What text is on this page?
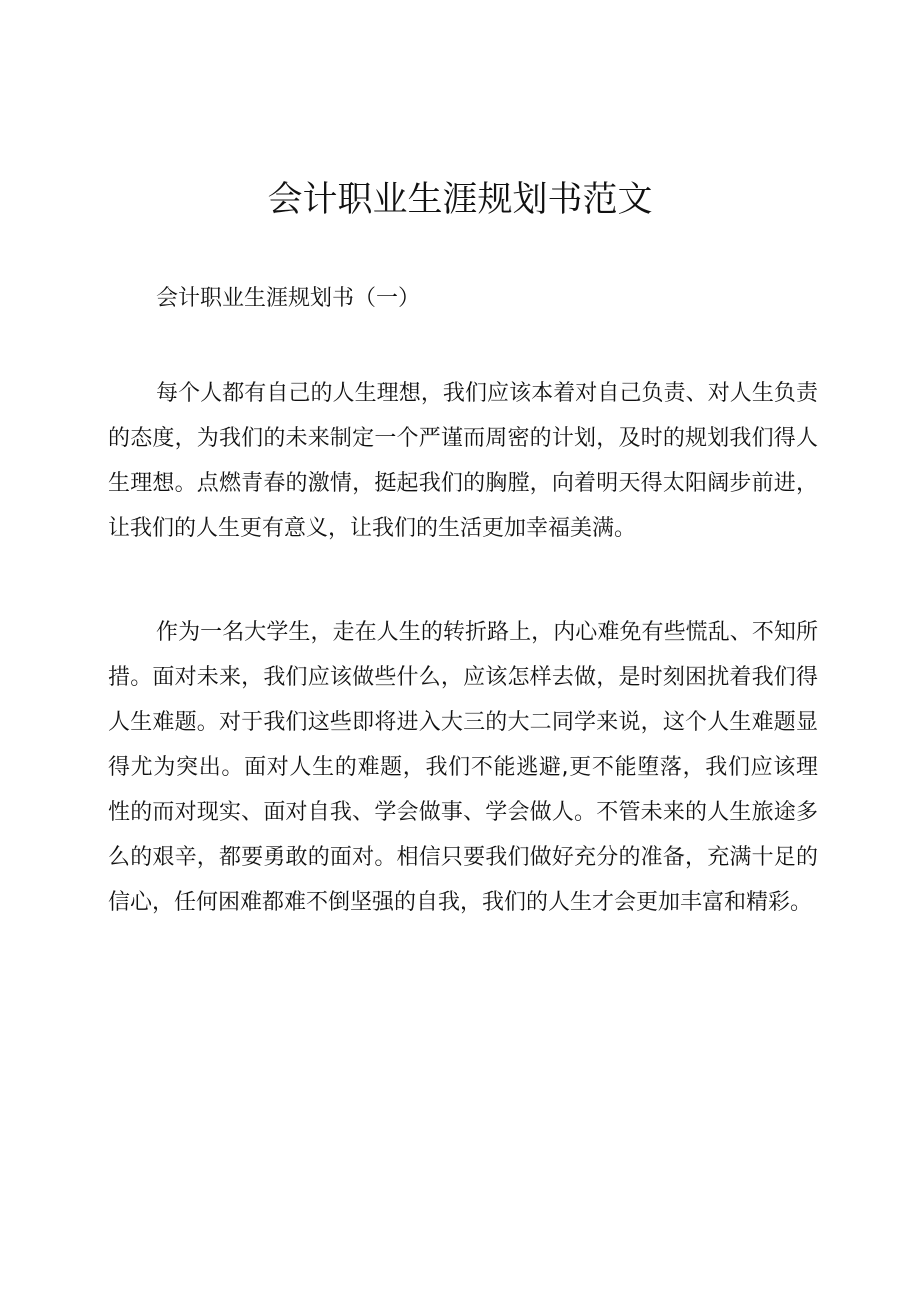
会计职业生涯规划书范文

会计职业生涯规划书（一）

每个人都有自己的人生理想，我们应该本着对自己负责、对人生负责的态度，为我们的未来制定一个严谨而周密的计划，及时的规划我们得人生理想。点燃青春的激情，挺起我们的胸膛，向着明天得太阳阔步前进，让我们的人生更有意义，让我们的生活更加幸福美满。

作为一名大学生，走在人生的转折路上，内心难免有些慌乱、不知所措。面对未来，我们应该做些什么，应该怎样去做，是时刻困扰着我们得人生难题。对于我们这些即将进入大三的大二同学来说，这个人生难题显得尤为突出。面对人生的难题，我们不能逃避,更不能堕落，我们应该理性的而对现实、面对自我、学会做事、学会做人。不管未来的人生旅途多么的艰辛，都要勇敢的面对。相信只要我们做好充分的准备，充满十足的信心，任何困难都难不倒坚强的自我，我们的人生才会更加丰富和精彩。
